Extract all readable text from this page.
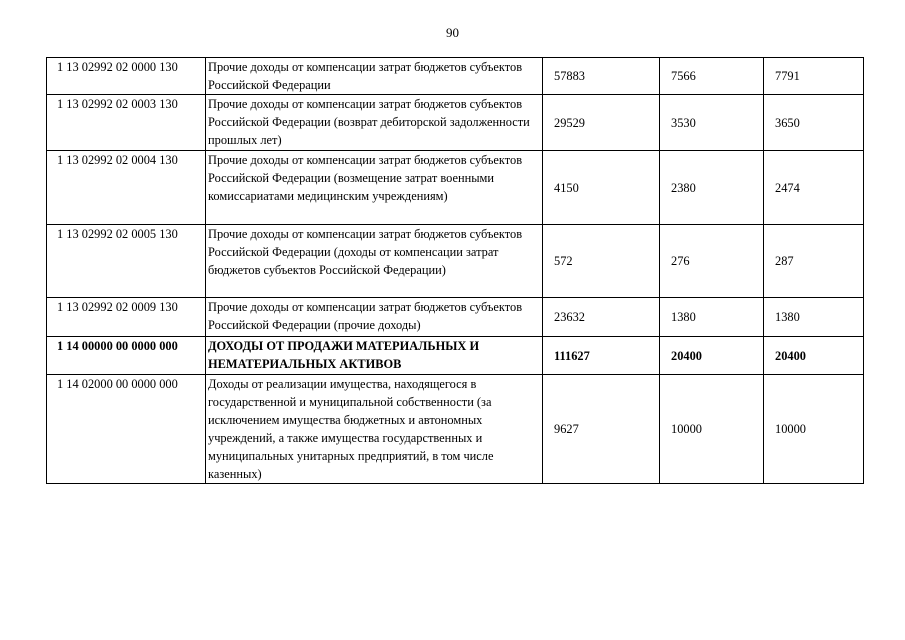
90
1 13 02992 02 0000 130	Прочие доходы от компенсации затрат бюджетов субъектов Российской Федерации	57883	7566	7791
1 13 02992 02 0003 130	Прочие доходы от компенсации затрат бюджетов субъектов Российской Федерации (возврат дебиторской задолженности прошлых лет)	29529	3530	3650
1 13 02992 02 0004 130	Прочие доходы от компенсации затрат бюджетов субъектов Российской Федерации (возмещение затрат военными комиссариатами медицинским учреждениям)	4150	2380	2474
1 13 02992 02 0005 130	Прочие доходы от компенсации затрат бюджетов субъектов Российской Федерации (доходы от компенсации затрат бюджетов субъектов Российской Федерации)	572	276	287
1 13 02992 02 0009 130	Прочие доходы от компенсации затрат бюджетов субъектов Российской Федерации (прочие доходы)	23632	1380	1380
1 14 00000 00 0000 000	ДОХОДЫ ОТ ПРОДАЖИ МАТЕРИАЛЬНЫХ И НЕМАТЕРИАЛЬНЫХ АКТИВОВ	111627	20400	20400
1 14 02000 00 0000 000	Доходы от реализации имущества, находящегося в государственной и муниципальной собственности (за исключением имущества бюджетных и автономных учреждений, а также имущества государственных и муниципальных унитарных предприятий, в том числе казенных)	9627	10000	10000
